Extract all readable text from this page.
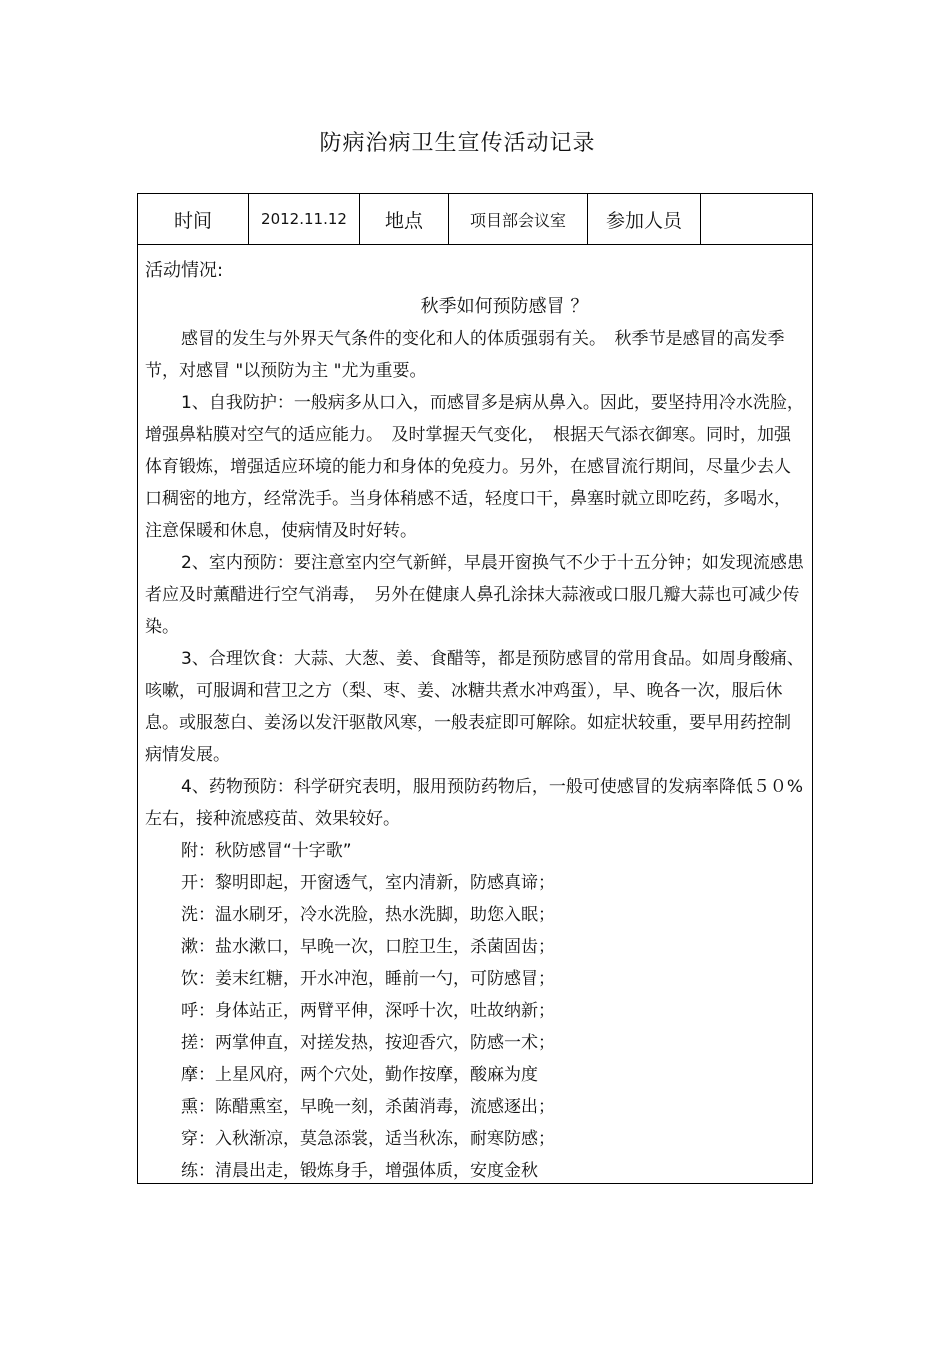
防病治病卫生宣传活动记录
时间	2012.11.12	地点	项目部会议室	参加人员
活动情况:
秋季如何预防感冒 ？

感冒的发生与外界天气条件的变化和人的体质强弱有关。　秋季节是感冒的高发季节，对感冒 "以预防为主 "尤为重要。

1、自我防护：一般病多从口入，而感冒多是病从鼻入。因此，要坚持用冷水洗脸，增强鼻粘膜对空气的适应能力。　及时掌握天气变化，　根据天气添衣御寒。同时，加强体育锻炼，增强适应环境的能力和身体的免疫力。另外，在感冒流行期间，尽量少去人口稠密的地方，经常洗手。当身体稍感不适，轻度口干，鼻塞时就立即吃药，多喝水，注意保暖和休息，使病情及时好转。

2、室内预防：要注意室内空气新鲜，早晨开窗换气不少于十五分钟；如发现流感患者应及时薰醋进行空气消毒，　另外在健康人鼻孔涂抹大蒜液或口服几瓣大蒜也可减少传染。

3、合理饮食：大蒜、大葱、姜、食醋等，都是预防感冒的常用食品。如周身酸痛、咳嗽，可服调和营卫之方（梨、枣、姜、冰糖共煮水冲鸡蛋），早、晚各一次，服后休息。或服葱白、姜汤以发汗驱散风寒，一般表症即可解除。如症状较重，要早用药控制病情发展。

4、药物预防：科学研究表明，服用预防药物后，一般可使感冒的发病率降低５０%左右，接种流感疫苗、效果较好。

附：秋防感冒“十字歌”
开：黎明即起，开窗透气，室内清新，防感真谛；
洗：温水刷牙，冷水洗脸，热水洗脚，助您入眠；
漱：盐水漱口，早晚一次，口腔卫生，杀菌固齿；
饮：姜末红糖，开水冲泡，睡前一勺，可防感冒；
呼：身体站正，两臂平伸，深呼十次，吐故纳新；
搓：两掌伸直，对搓发热，按迎香穴，防感一术；
摩：上星风府，两个穴处，勤作按摩，酸麻为度
熏：陈醋熏室，早晚一刻，杀菌消毒，流感逐出；
穿：入秋渐凉，莫急添裳，适当秋冻，耐寒防感；
练：清晨出走，锻炼身手，增强体质，安度金秋
